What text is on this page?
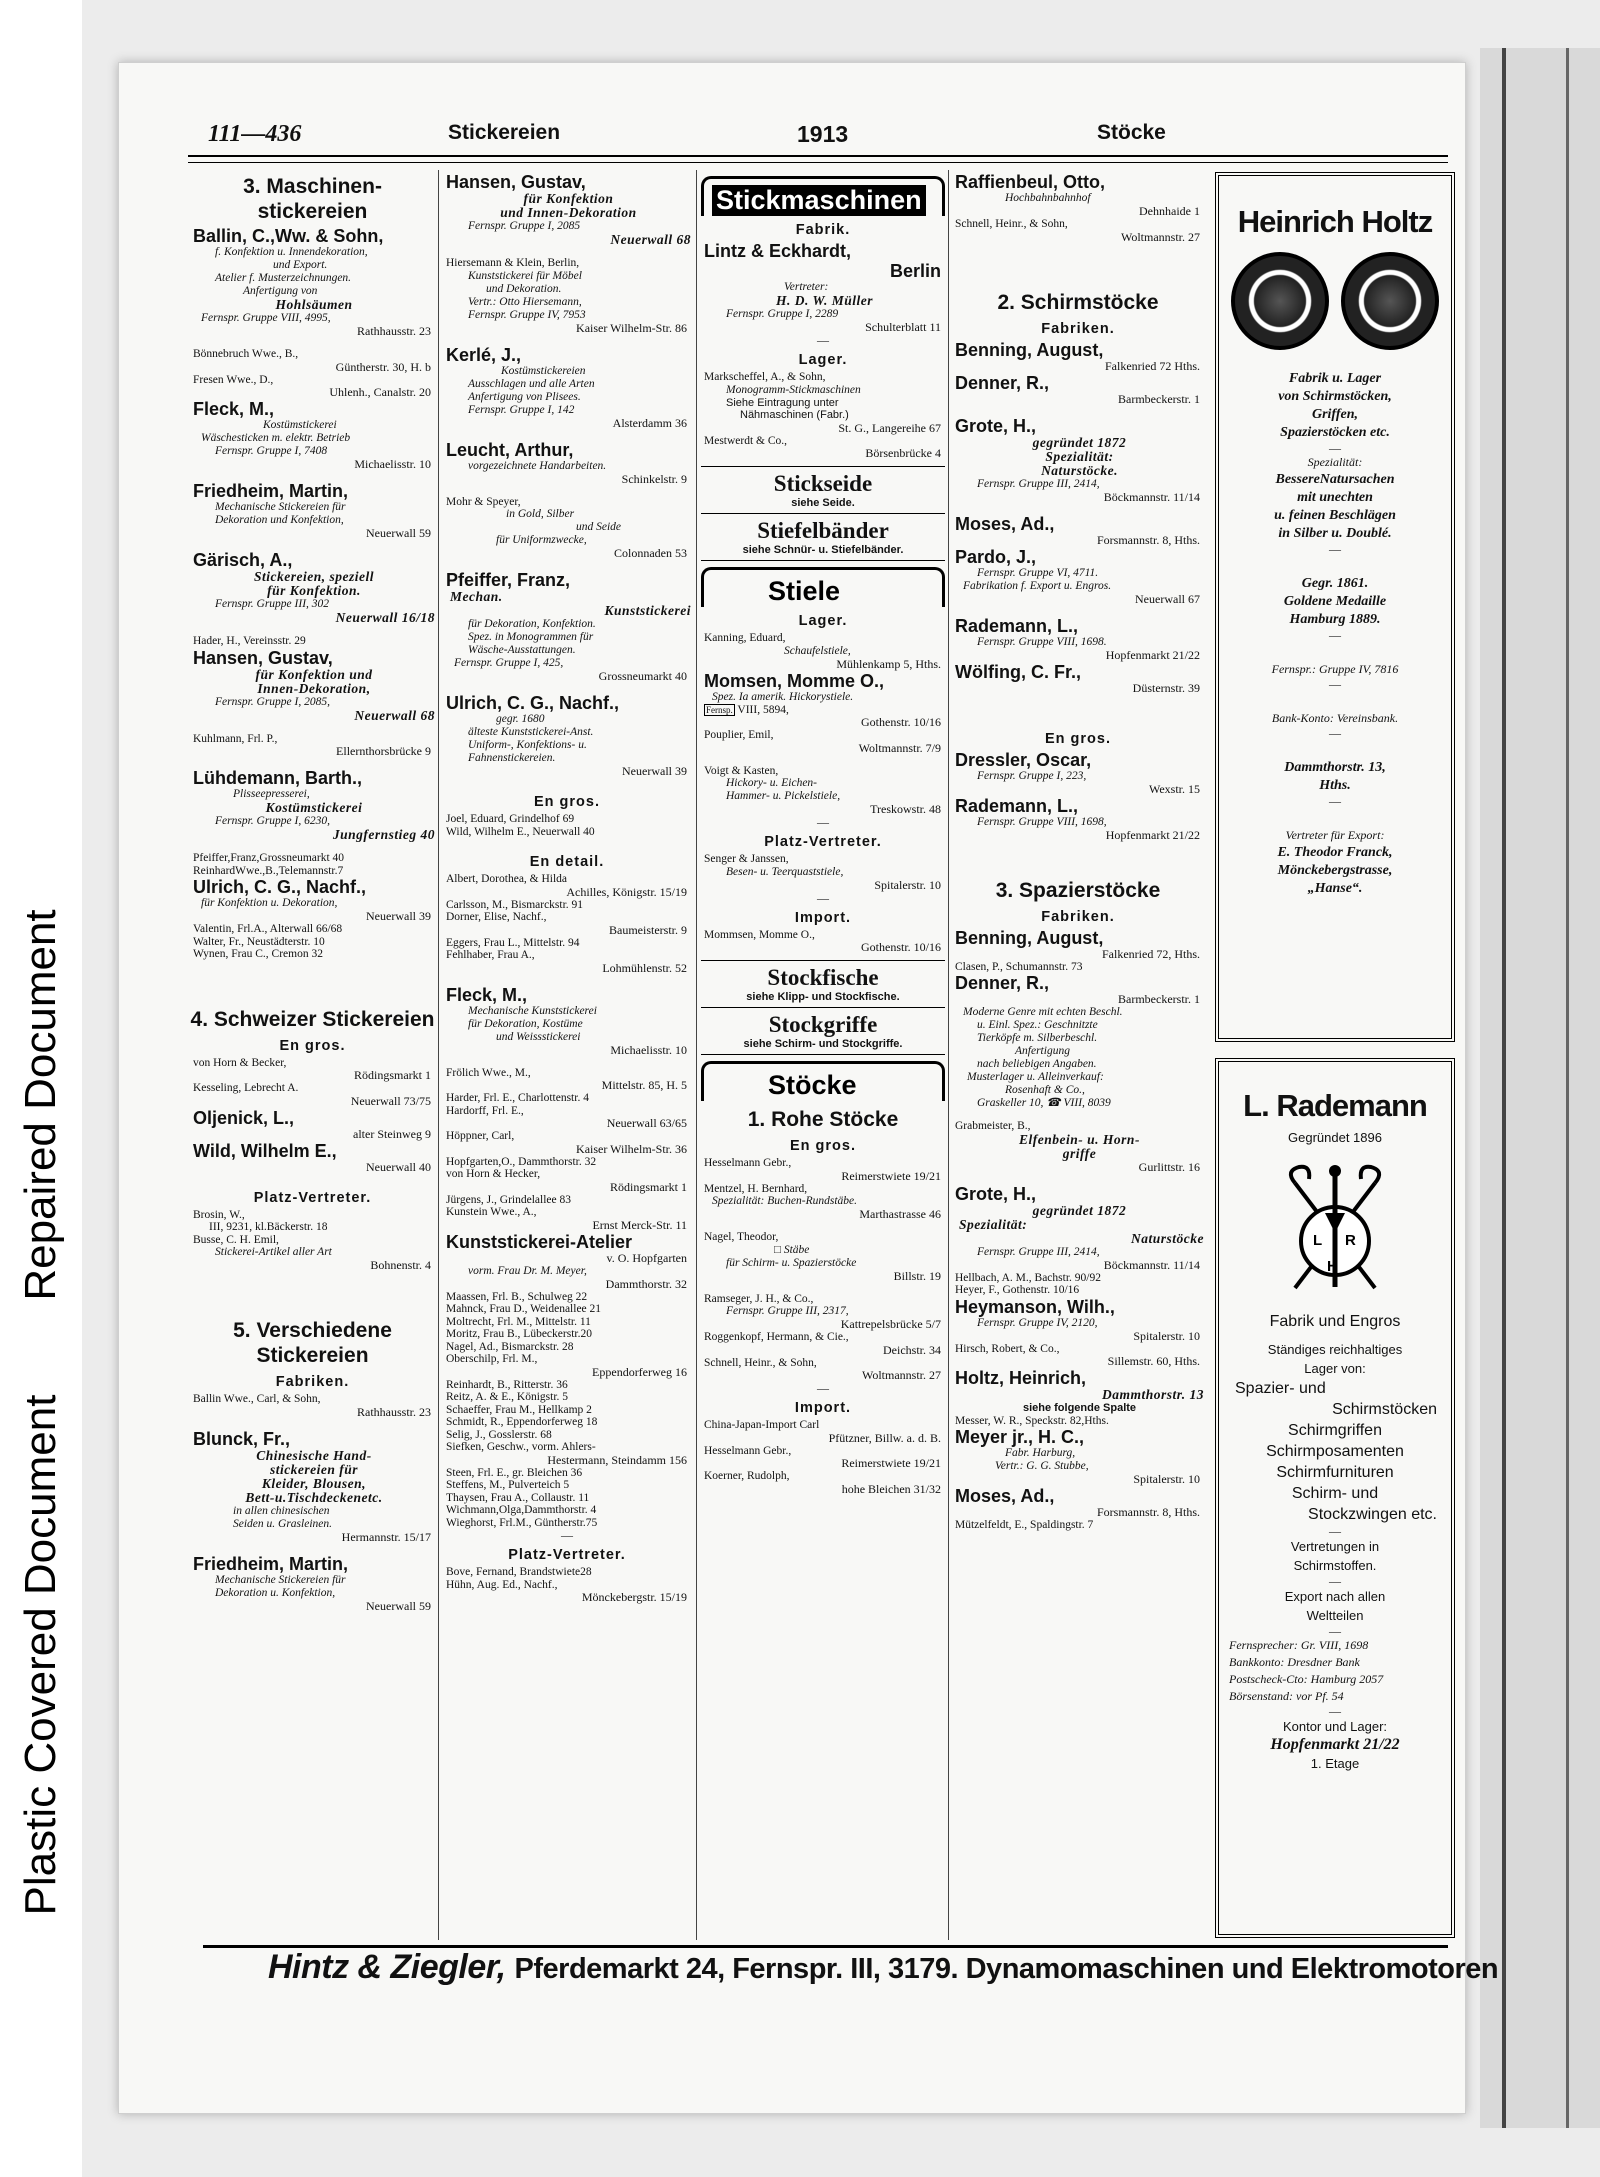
Plastic Covered Document
Repaired Document
111—436	Stickereien	1913	Stöcke
3. Maschinen-stickereien
Ballin, C.,Ww. & Sohn,
f. Konfektion u. Innendekoration,
und Export.
Atelier f. Musterzeichnungen.
Anfertigung von
Hohlsäumen
Fernspr. Gruppe VIII, 4995,
Rathhausstr. 23
Bönnebruch Wwe., B.,
Güntherstr. 30, H. b
Fresen Wwe., D.,
Uhlenh., Canalstr. 20
Fleck, M.,
Kostümstickerei
Wäschesticken m. elektr. Betrieb
Fernspr. Gruppe I, 7408
Michaelisstr. 10
Friedheim, Martin,
Mechanische Stickereien für
Dekoration und Konfektion,
Neuerwall 59
Gärisch, A.,
Stickereien, speziell
für Konfektion.
Fernspr. Gruppe III, 302
Neuerwall 16/18
Hader, H., Vereinsstr. 29
Hansen, Gustav,
für Konfektion und
Innen-Dekoration,
Fernspr. Gruppe I, 2085,
Neuerwall 68
Kuhlmann, Frl. P.,
Ellernthorsbrücke 9
Lühdemann, Barth.,
Plisseepresserei,
Kostümstickerei
Fernspr. Gruppe I, 6230,
Jungfernstieg 40
Pfeiffer,Franz,Grossneumarkt 40
ReinhardWwe.,B.,Telemannstr.7
Ulrich, C. G., Nachf.,
für Konfektion u. Dekoration,
Neuerwall 39
Valentin, Frl.A., Alterwall 66/68
Walter, Fr., Neustädterstr. 10
Wynen, Frau C., Cremon 32
4. Schweizer Stickereien
En gros.
von Horn & Becker,
Rödingsmarkt 1
Kesseling, Lebrecht A.
Neuerwall 73/75
Oljenick, L.,
alter Steinweg 9
Wild, Wilhelm E.,
Neuerwall 40
Platz-Vertreter.
Brosin, W.,
III, 9231, kl.Bäckerstr. 18
Busse, C. H. Emil,
Stickerei-Artikel aller Art
Bohnenstr. 4
5. Verschiedene Stickereien
Fabriken.
Ballin Wwe., Carl, & Sohn,
Rathhausstr. 23
Blunck, Fr.,
Chinesische Hand-
stickereien für
Kleider, Blousen,
Bett-u.Tischdeckenetc.
in allen chinesischen
Seiden u. Grasleinen.
Hermannstr. 15/17
Friedheim, Martin,
Mechanische Stickereien für
Dekoration u. Konfektion,
Neuerwall 59
Hansen, Gustav,
für Konfektion
und Innen-Dekoration
Fernspr. Gruppe I, 2085
Neuerwall 68
Hiersemann & Klein, Berlin,
Kunststickerei für Möbel
und Dekoration.
Vertr.: Otto Hiersemann,
Fernspr. Gruppe IV, 7953
Kaiser Wilhelm-Str. 86
Kerlé, J.,
Kostümstickereien
Ausschlagen und alle Arten
Anfertigung von Plisees.
Fernspr. Gruppe I, 142
Alsterdamm 36
Leucht, Arthur,
vorgezeichnete Handarbeiten.
Schinkelstr. 9
Mohr & Speyer,
in Gold, Silber
und Seide
für Uniformzwecke,
Colonnaden 53
Pfeiffer, Franz,
Mechan.
Kunststickerei
für Dekoration, Konfektion.
Spez. in Monogrammen für
Wäsche-Ausstattungen.
Fernspr. Gruppe I, 425,
Grossneumarkt 40
Ulrich, C. G., Nachf.,
gegr. 1680
älteste Kunststickerei-Anst.
Uniform-, Konfektions- u.
Fahnenstickereien.
Neuerwall 39
En gros.
Joel, Eduard, Grindelhof 69
Wild, Wilhelm E., Neuerwall 40
En detail.
Albert, Dorothea, & Hilda
Achilles, Königstr. 15/19
Carlsson, M., Bismarckstr. 91
Dorner, Elise, Nachf.,
Baumeisterstr. 9
Eggers, Frau L., Mittelstr. 94
Fehlhaber, Frau A.,
Lohmühlenstr. 52
Fleck, M.,
Mechanische Kunststickerei
für Dekoration, Kostüme
und Weissstickerei
Michaelisstr. 10
Frölich Wwe., M.,
Mittelstr. 85, H. 5
Harder, Frl. E., Charlottenstr. 4
Hardorff, Frl. E.,
Neuerwall 63/65
Höppner, Carl,
Kaiser Wilhelm-Str. 36
Hopfgarten,O., Dammthorstr. 32
von Horn & Hecker,
Rödingsmarkt 1
Jürgens, J., Grindelallee 83
Kunstein Wwe., A.,
Ernst Merck-Str. 11
Kunststickerei-Atelier
v. O. Hopfgarten
vorm. Frau Dr. M. Meyer,
Dammthorstr. 32
Maassen, Frl. B., Schulweg 22
Mahnck, Frau D., Weidenallee 21
Moltrecht, Frl. M., Mittelstr. 11
Moritz, Frau B., Lübeckerstr.20
Nagel, Ad., Bismarckstr. 28
Oberschilp, Frl. M.,
Eppendorferweg 16
Reinhardt, B., Ritterstr. 36
Reitz, A. & E., Königstr. 5
Schaeffer, Frau M., Hellkamp 2
Schmidt, R., Eppendorferweg 18
Selig, J., Gosslerstr. 68
Siefken, Geschw., vorm. Ahlers-
Hestermann, Steindamm 156
Steen, Frl. E., gr. Bleichen 36
Steffens, M., Pulverteich 5
Thaysen, Frau A., Collaustr. 11
Wichmann,Olga,Dammthorstr. 4
Wieghorst, Frl.M., Güntherstr.75
—
Platz-Vertreter.
Bove, Fernand, Brandstwiete28
Hühn, Aug. Ed., Nachf.,
Mönckebergstr. 15/19
Stickmaschinen
Fabrik.
Lintz & Eckhardt,
Berlin
Vertreter:
H. D. W. Müller
Fernspr. Gruppe I, 2289
Schulterblatt 11
—
Lager.
Markscheffel, A., & Sohn,
Monogramm-Stickmaschinen
Siehe Eintragung unter
Nähmaschinen (Fabr.)
St. G., Langereihe 67
Mestwerdt & Co.,
Börsenbrücke 4
Stickseide
siehe Seide.
Stiefelbänder
siehe Schnür- u. Stiefelbänder.
Stiele
Lager.
Kanning, Eduard,
Schaufelstiele,
Mühlenkamp 5, Hths.
Momsen, Momme O.,
Spez. Ia amerik. Hickorystiele.
Fernsp. VIII, 5894,
Gothenstr. 10/16
Pouplier, Emil,
Woltmannstr. 7/9
Voigt & Kasten,
Hickory- u. Eichen-
Hammer- u. Pickelstiele,
Treskowstr. 48
—
Platz-Vertreter.
Senger & Janssen,
Besen- u. Teerquaststiele,
Spitalerstr. 10
—
Import.
Mommsen, Momme O.,
Gothenstr. 10/16
Stockfische
siehe Klipp- und Stockfische.
Stockgriffe
siehe Schirm- und Stockgriffe.
Stöcke
1. Rohe Stöcke
En gros.
Hesselmann Gebr.,
Reimerstwiete 19/21
Mentzel, H. Bernhard,
Spezialität: Buchen-Rundstäbe.
Marthastrasse 46
Nagel, Theodor,
□ Stäbe
für Schirm- u. Spazierstöcke
Billstr. 19
Ramseger, J. H., & Co.,
Fernspr. Gruppe III, 2317,
Kattrepelsbrücke 5/7
Roggenkopf, Hermann, & Cie.,
Deichstr. 34
Schnell, Heinr., & Sohn,
Woltmannstr. 27
—
Import.
China-Japan-Import Carl
Pfützner, Billw. a. d. B.
Hesselmann Gebr.,
Reimerstwiete 19/21
Koerner, Rudolph,
hohe Bleichen 31/32
Raffienbeul, Otto,
Hochbahnbahnhof
Dehnhaide 1
Schnell, Heinr., & Sohn,
Woltmannstr. 27
2. Schirmstöcke
Fabriken.
Benning, August,
Falkenried 72 Hths.
Denner, R.,
Barmbeckerstr. 1
Grote, H.,
gegründet 1872
Spezialität:
Naturstöcke.
Fernspr. Gruppe III, 2414,
Böckmannstr. 11/14
Moses, Ad.,
Forsmannstr. 8, Hths.
Pardo, J.,
Fernspr. Gruppe VI, 4711.
Fabrikation f. Export u. Engros.
Neuerwall 67
Rademann, L.,
Fernspr. Gruppe VIII, 1698.
Hopfenmarkt 21/22
Wölfing, C. Fr.,
Düsternstr. 39
En gros.
Dressler, Oscar,
Fernspr. Gruppe I, 223,
Wexstr. 15
Rademann, L.,
Fernspr. Gruppe VIII, 1698,
Hopfenmarkt 21/22
3. Spazierstöcke
Fabriken.
Benning, August,
Falkenried 72, Hths.
Clasen, P., Schumannstr. 73
Denner, R.,
Barmbeckerstr. 1
Moderne Genre mit echten Beschl.
u. Einl. Spez.: Geschnitzte
Tierköpfe m. Silberbeschl.
Anfertigung
nach beliebigen Angaben.
Musterlager u. Alleinverkauf:
Rosenhaft & Co.,
Graskeller 10, ☎ VIII, 8039
Grabmeister, B.,
Elfenbein- u. Horn-
griffe
Gurlittstr. 16
Grote, H.,
gegründet 1872
Spezialität:
Naturstöcke
Fernspr. Gruppe III, 2414,
Böckmannstr. 11/14
Hellbach, A. M., Bachstr. 90/92
Heyer, F., Gothenstr. 10/16
Heymanson, Wilh.,
Fernspr. Gruppe IV, 2120,
Spitalerstr. 10
Hirsch, Robert, & Co.,
Sillemstr. 60, Hths.
Holtz, Heinrich,
Dammthorstr. 13
siehe folgende Spalte
Messer, W. R., Speckstr. 82,Hths.
Meyer jr., H. C.,
Fabr. Harburg,
Vertr.: G. G. Stubbe,
Spitalerstr. 10
Moses, Ad.,
Forsmannstr. 8, Hths.
Mützelfeldt, E., Spaldingstr. 7
Heinrich Holtz
Fabrik u. Lager
von Schirmstöcken,
Griffen,
Spazierstöcken etc.
—
Spezialität:
BessereNatursachen
mit unechten
u. feinen Beschlägen
in Silber u. Doublé.
—

Gegr. 1861.
Goldene Medaille
Hamburg 1889.
—

Fernspr.: Gruppe IV, 7816
—

Bank-Konto: Vereinsbank.
—

Dammthorstr. 13,
Hths.
—

Vertreter für Export:
E. Theodor Franck,
Mönckebergstrasse,
„Hanse“.
L. Rademann
Gegründet 1896
L R
H
Fabrik und Engros
Ständiges reichhaltiges
Lager von:
Spazier- und
Schirmstöcken
Schirmgriffen
Schirmposamenten
Schirmfurnituren
Schirm- und
Stockzwingen etc.
—
Vertretungen in
Schirmstoffen.
—
Export nach allen
Weltteilen
—
Fernsprecher: Gr. VIII, 1698
Bankkonto: Dresdner Bank
Postscheck-Cto: Hamburg 2057
Börsenstand: vor Pf. 54
—
Kontor und Lager:
Hopfenmarkt 21/22
1. Etage
Hintz & Ziegler, Pferdemarkt 24, Fernspr. III, 3179. Dynamomaschinen und Elektromotoren
